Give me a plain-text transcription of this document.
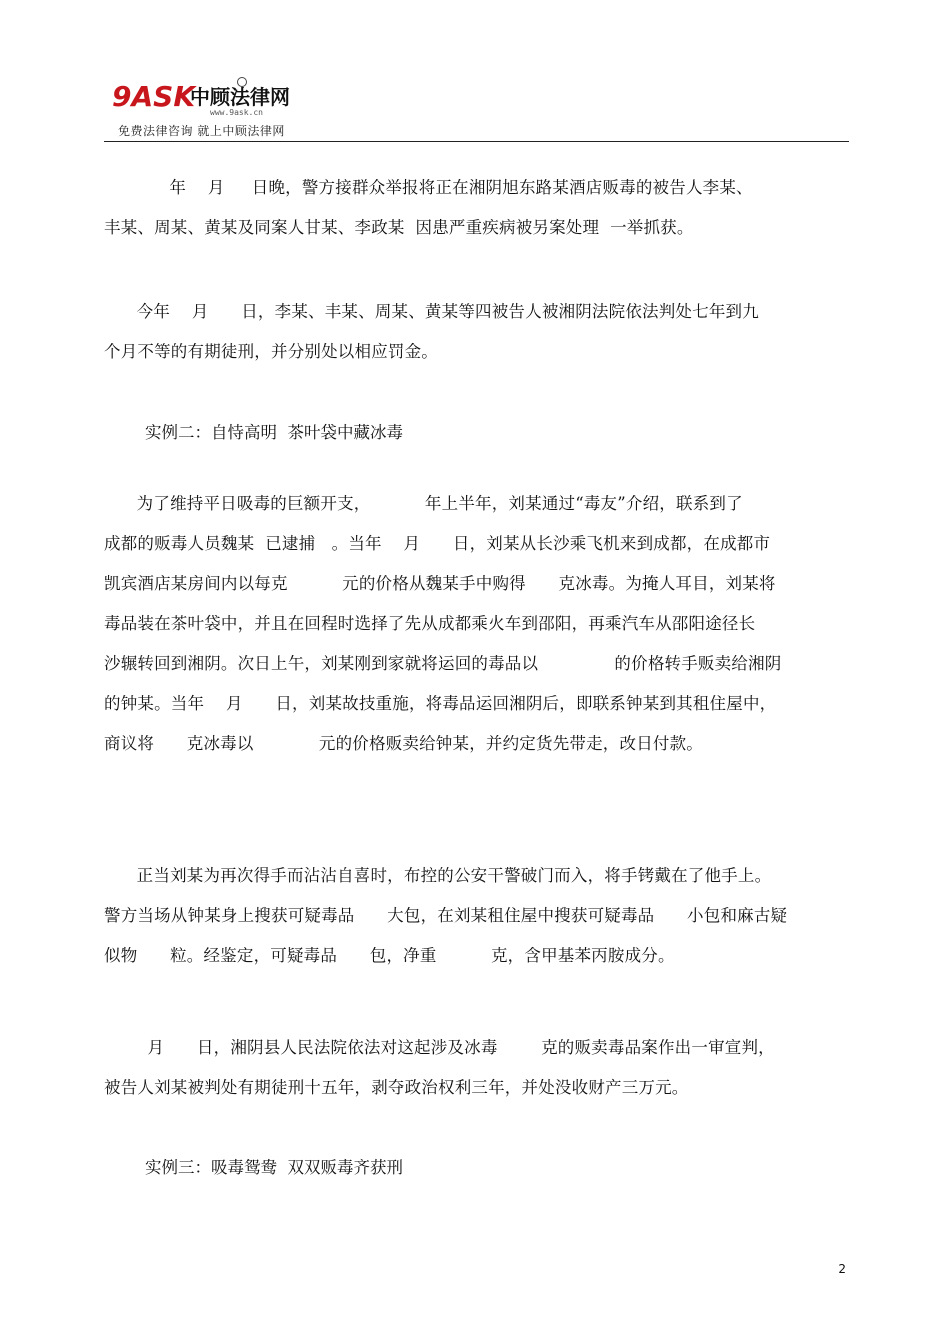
9ASK
中顾法律网
www.9ask.cn
免费法律咨询 就上中顾法律网
年    月     日晚，警方接群众举报将正在湘阴旭东路某酒店贩毒的被告人李某、
丰某、周某、黄某及同案人甘某、李政某  因患严重疾病被另案处理  一举抓获。
今年    月      日，李某、丰某、周某、黄某等四被告人被湘阴法院依法判处七年到九
个月不等的有期徒刑，并分别处以相应罚金。
实例二：自恃高明  茶叶袋中藏冰毒
为了维持平日吸毒的巨额开支，          年上半年，刘某通过“毒友”介绍，联系到了
成都的贩毒人员魏某  已逮捕   。当年    月      日，刘某从长沙乘飞机来到成都，在成都市
凯宾酒店某房间内以每克          元的价格从魏某手中购得      克冰毒。为掩人耳目，刘某将
毒品装在茶叶袋中，并且在回程时选择了先从成都乘火车到邵阳，再乘汽车从邵阳途径长
沙辗转回到湘阴。次日上午，刘某刚到家就将运回的毒品以              的价格转手贩卖给湘阴
的钟某。当年    月      日，刘某故技重施，将毒品运回湘阴后，即联系钟某到其租住屋中，
商议将      克冰毒以            元的价格贩卖给钟某，并约定货先带走，改日付款。
正当刘某为再次得手而沾沾自喜时，布控的公安干警破门而入，将手铐戴在了他手上。
警方当场从钟某身上搜获可疑毒品      大包，在刘某租住屋中搜获可疑毒品      小包和麻古疑
似物      粒。经鉴定，可疑毒品      包，净重          克，含甲基苯丙胺成分。
月      日，湘阴县人民法院依法对这起涉及冰毒        克的贩卖毒品案作出一审宣判，
被告人刘某被判处有期徒刑十五年，剥夺政治权利三年，并处没收财产三万元。
实例三：吸毒鸳鸯  双双贩毒齐获刑
2
